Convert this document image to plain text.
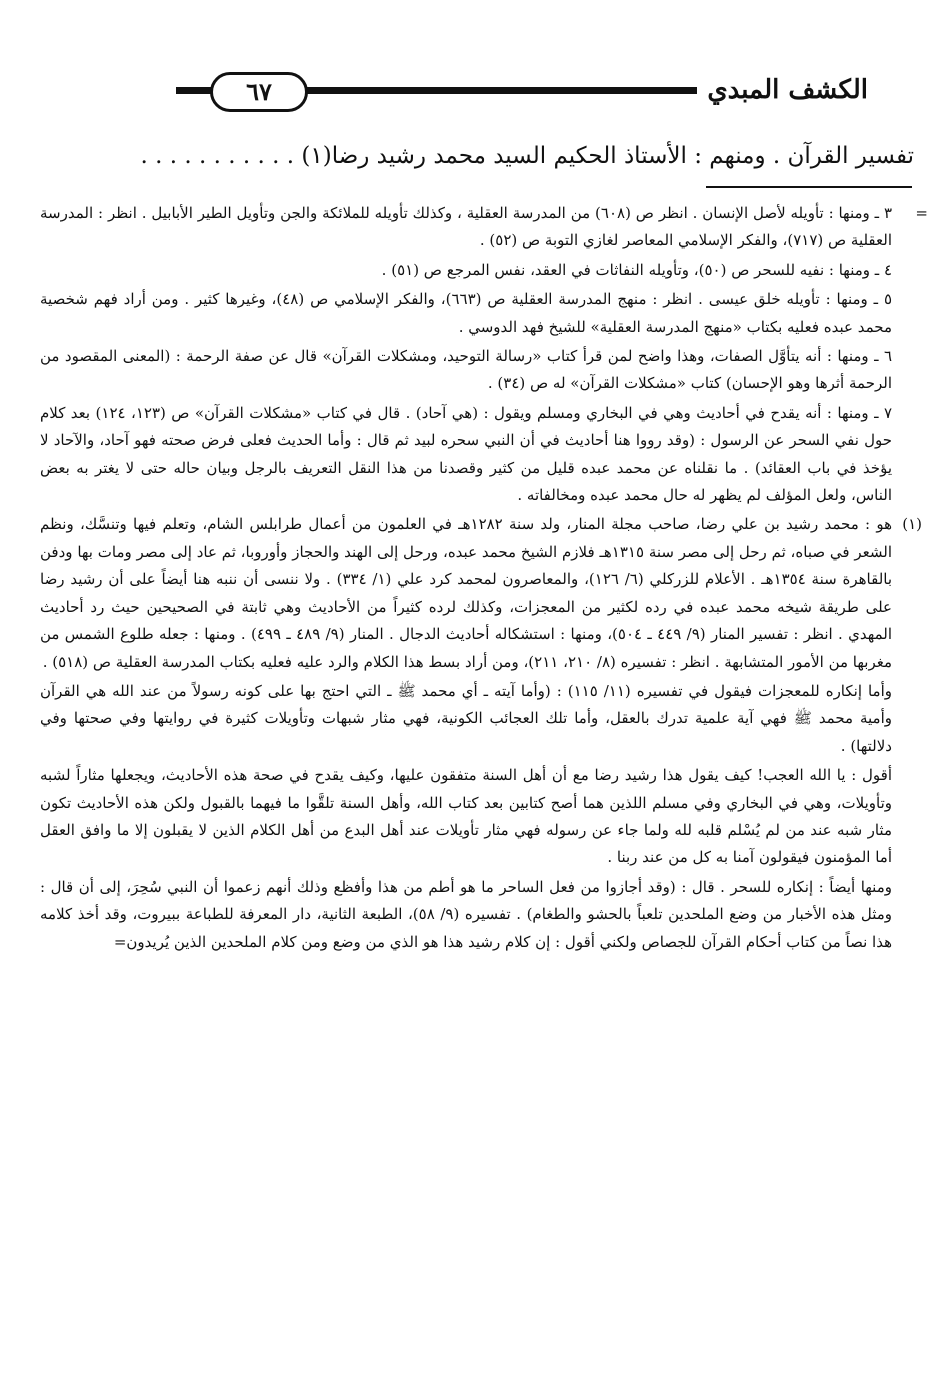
الكشف المبدي
٦٧
تفسير القرآن . ومنهم : الأستاذ الحكيم السيد محمد رشيد رضا(١) . . . . . . . . . . .

=
٣ ـ ومنها : تأويله لأصل الإنسان . انظر ص (٦٠٨) من المدرسة العقلية ، وكذلك تأويله للملائكة والجن وتأويل الطير الأبابيل . انظر : المدرسة العقلية ص (٧١٧)، والفكر الإسلامي المعاصر لغازي التوبة ص (٥٢) .

٤ ـ ومنها : نفيه للسحر ص (٥٠)، وتأويله النفاثات في العقد، نفس المرجع ص (٥١) .

٥ ـ ومنها : تأويله خلق عيسى . انظر : منهج المدرسة العقلية ص (٦٦٣)، والفكر الإسلامي ص (٤٨)، وغيرها كثير . ومن أراد فهم شخصية محمد عبده فعليه بكتاب «منهج المدرسة العقلية» للشيخ فهد الدوسي .

٦ ـ ومنها : أنه يتأوَّل الصفات، وهذا واضح لمن قرأ كتاب «رسالة التوحيد، ومشكلات القرآن» قال عن صفة الرحمة : (المعنى المقصود من الرحمة أثرها وهو الإحسان) كتاب «مشكلات القرآن» له ص (٣٤) .

٧ ـ ومنها : أنه يقدح في أحاديث وهي في البخاري ومسلم ويقول : (هي آحاد) . قال في كتاب «مشكلات القرآن» ص (١٢٣، ١٢٤) بعد كلام حول نفي السحر عن الرسول : (وقد رووا هنا أحاديث في أن النبي سحره لبيد ثم قال : وأما الحديث فعلى فرض صحته فهو آحاد، والآحاد لا يؤخذ في باب العقائد) . ما نقلناه عن محمد عبده قليل من كثير وقصدنا من هذا النقل التعريف بالرجل وبيان حاله حتى لا يغتر به بعض الناس، ولعل المؤلف لم يظهر له حال محمد عبده ومخالفاته .

(١)
هو : محمد رشيد بن علي رضا، صاحب مجلة المنار، ولد سنة ١٢٨٢هـ في العلمون من أعمال طرابلس الشام، وتعلم فيها وتنسَّك، ونظم الشعر في صباه، ثم رحل إلى مصر سنة ١٣١٥هـ فلازم الشيخ محمد عبده، ورحل إلى الهند والحجاز وأوروبا، ثم عاد إلى مصر ومات بها ودفن بالقاهرة سنة ١٣٥٤هـ . الأعلام للزركلي (٦/ ١٢٦)، والمعاصرون لمحمد كرد علي (١/ ٣٣٤) . ولا ننسى أن ننبه هنا أيضاً على أن رشيد رضا على طريقة شيخه محمد عبده في رده لكثير من المعجزات، وكذلك لرده كثيراً من الأحاديث وهي ثابتة في الصحيحين حيث رد أحاديث المهدي . انظر : تفسير المنار (٩/ ٤٤٩ ـ ٥٠٤)، ومنها : استشكاله أحاديث الدجال . المنار (٩/ ٤٨٩ ـ ٤٩٩) . ومنها : جعله طلوع الشمس من مغربها من الأمور المتشابهة . انظر : تفسيره (٨/ ٢١٠، ٢١١)، ومن أراد بسط هذا الكلام والرد عليه فعليه بكتاب المدرسة العقلية ص (٥١٨) .

وأما إنكاره للمعجزات فيقول في تفسيره (١١/ ١١٥) : (وأما آيته ـ أي محمد ﷺ ـ التي احتج بها على كونه رسولاً من عند الله هي القرآن وأمية محمد ﷺ فهي آية علمية تدرك بالعقل، وأما تلك العجائب الكونية، فهي مثار شبهات وتأويلات كثيرة في روايتها وفي صحتها وفي دلالتها) .

أقول : يا الله العجب! كيف يقول هذا رشيد رضا مع أن أهل السنة متفقون عليها، وكيف يقدح في صحة هذه الأحاديث، ويجعلها مثاراً لشبه وتأويلات، وهي في البخاري وفي مسلم اللذين هما أصح كتابين بعد كتاب الله، وأهل السنة تلقَّوا ما فيهما بالقبول ولكن هذه الأحاديث تكون مثار شبه عند من لم يُسْلم قلبه لله ولما جاء عن رسوله فهي مثار تأويلات عند أهل البدع من أهل الكلام الذين لا يقبلون إلا ما وافق العقل أما المؤمنون فيقولون آمنا به كل من عند ربنا .

ومنها أيضاً : إنكاره للسحر . قال : (وقد أجازوا من فعل الساحر ما هو أطم من هذا وأفظع وذلك أنهم زعموا أن النبي سُحِرَ، إلى أن قال : ومثل هذه الأخبار من وضع الملحدين تلعباً بالحشو والطغام) . تفسيره (٩/ ٥٨)، الطبعة الثانية، دار المعرفة للطباعة ببيروت، وقد أخذ كلامه هذا نصاً من كتاب أحكام القرآن للجصاص ولكني أقول : إن كلام رشيد هذا هو الذي من وضع ومن كلام الملحدين الذين يُريدون=
